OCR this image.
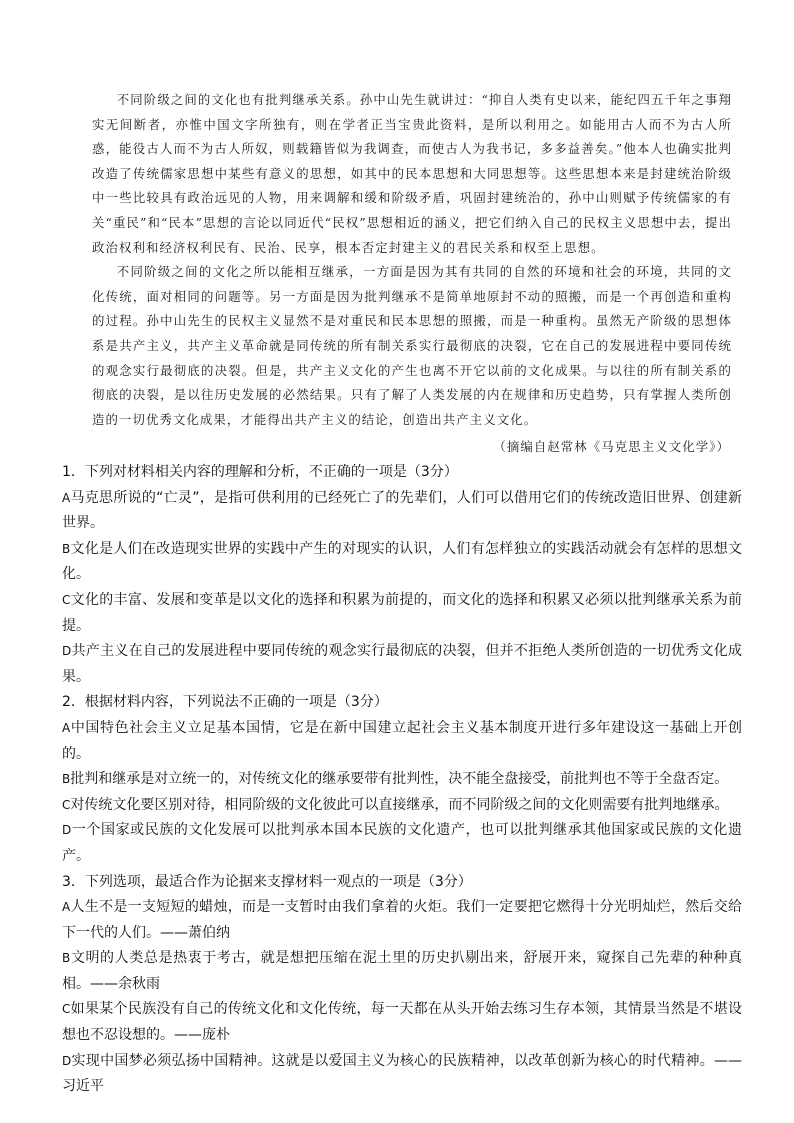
不同阶级之间的文化也有批判继承关系。孙中山先生就讲过：“抑自人类有史以来，能纪四五千年之事翔实无间断者，亦惟中国文字所独有，则在学者正当宝贵此资料，是所以利用之。如能用古人而不为古人所惑，能役古人而不为古人所奴，则载籍皆似为我调查，而使古人为我书记，多多益善矣。”他本人也确实批判改造了传统儒家思想中某些有意义的思想，如其中的民本思想和大同思想等。这些思想本来是封建统治阶级中一些比较具有政治远见的人物，用来调解和缓和阶级矛盾，巩固封建统治的，孙中山则赋予传统儒家的有关“重民”和“民本”思想的言论以同近代“民权”思想相近的涵义，把它们纳入自己的民权主义思想中去，提出政治权利和经济权利民有、民治、民享，根本否定封建主义的君民关系和权至上思想。

不同阶级之间的文化之所以能相互继承，一方面是因为其有共同的自然的环境和社会的环境，共同的文化传统，面对相同的问题等。另一方面是因为批判继承不是简单地原封不动的照搬，而是一个再创造和重构的过程。孙中山先生的民权主义显然不是对重民和民本思想的照搬，而是一种重构。虽然无产阶级的思想体系是共产主义，共产主义革命就是同传统的所有制关系实行最彻底的决裂，它在自己的发展进程中要同传统的观念实行最彻底的决裂。但是，共产主义文化的产生也离不开它以前的文化成果。与以往的所有制关系的彻底的决裂，是以往历史发展的必然结果。只有了解了人类发展的内在规律和历史趋势，只有掌握人类所创造的一切优秀文化成果，才能得出共产主义的结论，创造出共产主义文化。

（摘编自赵常林《马克思主义文化学》）

1．下列对材料相关内容的理解和分析，不正确的一项是（3分）

A马克思所说的“亡灵”，是指可供利用的已经死亡了的先辈们，人们可以借用它们的传统改造旧世界、创建新世界。

B文化是人们在改造现实世界的实践中产生的对现实的认识，人们有怎样独立的实践活动就会有怎样的思想文化。

C文化的丰富、发展和变革是以文化的选择和积累为前提的，而文化的选择和积累又必须以批判继承关系为前提。

D共产主义在自己的发展进程中要同传统的观念实行最彻底的决裂，但并不拒绝人类所创造的一切优秀文化成果。

2．根据材料内容，下列说法不正确的一项是（3分）

A中国特色社会主义立足基本国情，它是在新中国建立起社会主义基本制度开进行多年建设这一基础上开创的。

B批判和继承是对立统一的，对传统文化的继承要带有批判性，决不能全盘接受，前批判也不等于全盘否定。

C对传统文化要区别对待，相同阶级的文化彼此可以直接继承，而不同阶级之间的文化则需要有批判地继承。

D一个国家或民族的文化发展可以批判承本国本民族的文化遗产，也可以批判继承其他国家或民族的文化遗产。

3．下列选项，最适合作为论据来支撑材料一观点的一项是（3分）

A人生不是一支短短的蜡烛，而是一支暂时由我们拿着的火炬。我们一定要把它燃得十分光明灿烂，然后交给下一代的人们。——萧伯纳

B文明的人类总是热衷于考古，就是想把压缩在泥土里的历史扒剔出来，舒展开来，窥探自己先辈的种种真相。——余秋雨

C如果某个民族没有自己的传统文化和文化传统，每一天都在从头开始去练习生存本领，其情景当然是不堪设想也不忍设想的。——庞朴

D实现中国梦必须弘扬中国精神。这就是以爱国主义为核心的民族精神，以改革创新为核心的时代精神。——习近平
